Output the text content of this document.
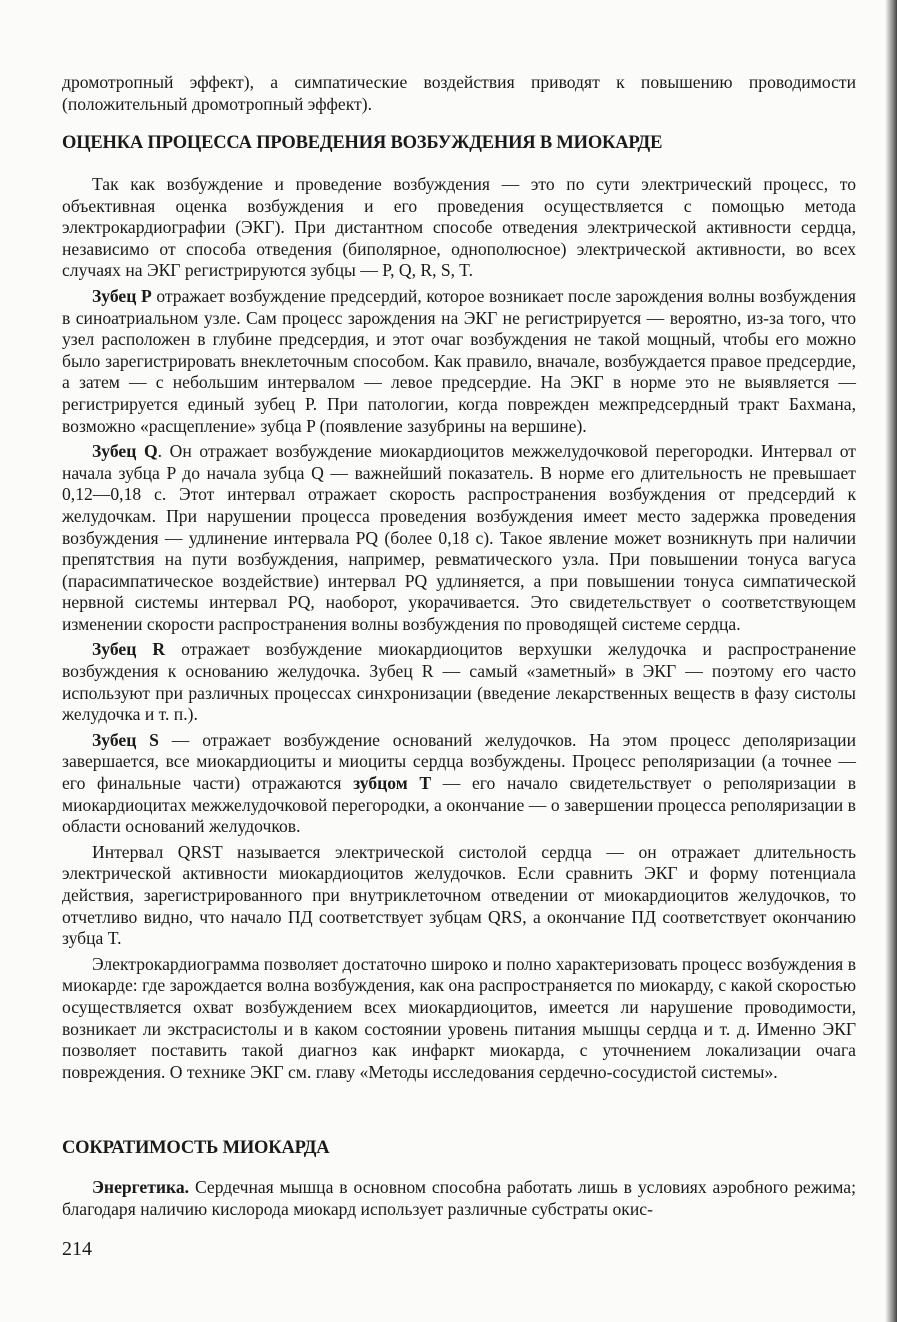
дромотропный эффект), а симпатические воздействия приводят к повышению проводимости (положительный дромотропный эффект).

ОЦЕНКА ПРОЦЕССА ПРОВЕДЕНИЯ ВОЗБУЖДЕНИЯ В МИОКАРДЕ

Так как возбуждение и проведение возбуждения — это по сути электрический процесс, то объективная оценка возбуждения и его проведения осуществляется с помощью метода электрокардиографии (ЭКГ). При дистантном способе отведения электрической активности сердца, независимо от способа отведения (биполярное, однополюсное) электрической активности, во всех случаях на ЭКГ регистрируются зубцы — P, Q, R, S, T.

Зубец Р отражает возбуждение предсердий, которое возникает после зарождения волны возбуждения в синоатриальном узле. Сам процесс зарождения на ЭКГ не регистрируется — вероятно, из-за того, что узел расположен в глубине предсердия, и этот очаг возбуждения не такой мощный, чтобы его можно было зарегистрировать внеклеточным способом. Как правило, вначале, возбуждается правое предсердие, а затем — с небольшим интервалом — левое предсердие. На ЭКГ в норме это не выявляется — регистрируется единый зубец P. При патологии, когда поврежден межпредсердный тракт Бахмана, возможно «расщепление» зубца P (появление зазубрины на вершине).

Зубец Q. Он отражает возбуждение миокардиоцитов межжелудочковой перегородки. Интервал от начала зубца P до начала зубца Q — важнейший показатель. В норме его длительность не превышает 0,12—0,18 с. Этот интервал отражает скорость распространения возбуждения от предсердий к желудочкам. При нарушении процесса проведения возбуждения имеет место задержка проведения возбуждения — удлинение интервала PQ (более 0,18 с). Такое явление может возникнуть при наличии препятствия на пути возбуждения, например, ревматического узла. При повышении тонуса вагуса (парасимпатическое воздействие) интервал PQ удлиняется, а при повышении тонуса симпатической нервной системы интервал PQ, наоборот, укорачивается. Это свидетельствует о соответствующем изменении скорости распространения волны возбуждения по проводящей системе сердца.

Зубец R отражает возбуждение миокардиоцитов верхушки желудочка и распространение возбуждения к основанию желудочка. Зубец R — самый «заметный» в ЭКГ — поэтому его часто используют при различных процессах синхронизации (введение лекарственных веществ в фазу систолы желудочка и т. п.).

Зубец S — отражает возбуждение оснований желудочков. На этом процесс деполяризации завершается, все миокардиоциты и миоциты сердца возбуждены. Процесс реполяризации (а точнее — его финальные части) отражаются зубцом Т — его начало свидетельствует о реполяризации в миокардиоцитах межжелудочковой перегородки, а окончание — о завершении процесса реполяризации в области оснований желудочков.

Интервал QRST называется электрической систолой сердца — он отражает длительность электрической активности миокардиоцитов желудочков. Если сравнить ЭКГ и форму потенциала действия, зарегистрированного при внутриклеточном отведении от миокардиоцитов желудочков, то отчетливо видно, что начало ПД соответствует зубцам QRS, а окончание ПД соответствует окончанию зубца T.

Электрокардиограмма позволяет достаточно широко и полно характеризовать процесс возбуждения в миокарде: где зарождается волна возбуждения, как она распространяется по миокарду, с какой скоростью осуществляется охват возбуждением всех миокардиоцитов, имеется ли нарушение проводимости, возникает ли экстрасистолы и в каком состоянии уровень питания мышцы сердца и т. д. Именно ЭКГ позволяет поставить такой диагноз как инфаркт миокарда, с уточнением локализации очага повреждения. О технике ЭКГ см. главу «Методы исследования сердечно-сосудистой системы».

СОКРАТИМОСТЬ МИОКАРДА

Энергетика. Сердечная мышца в основном способна работать лишь в условиях аэробного режима; благодаря наличию кислорода миокард использует различные субстраты окис-

214
